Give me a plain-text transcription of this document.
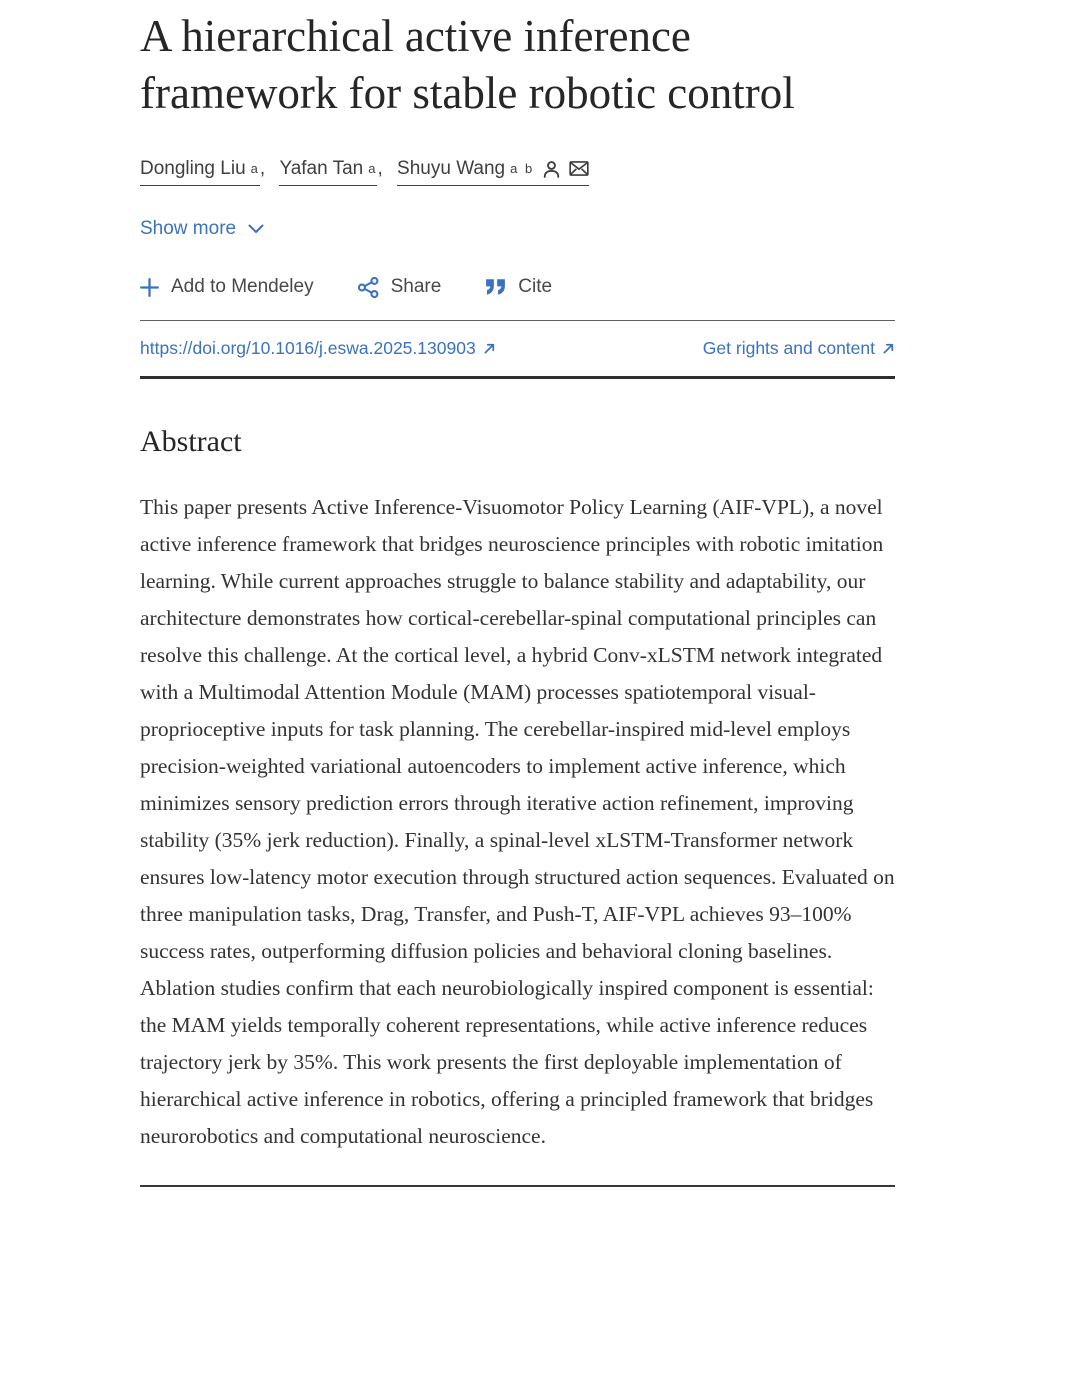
A hierarchical active inference framework for stable robotic control
Dongling Liu $^a$ , Yafan Tan $^a$ , Shuyu Wang $^{a b}$
Show more
Add to Mendeley	Share	Cite
https://doi.org/10.1016/j.eswa.2025.130903	Get rights and content
Abstract

This paper presents Active Inference-Visuomotor Policy Learning (AIF-VPL), a novel active inference framework that bridges neuroscience principles with robotic imitation learning. While current approaches struggle to balance stability and adaptability, our architecture demonstrates how cortical-cerebellar-spinal computational principles can resolve this challenge. At the cortical level, a hybrid Conv-xLSTM network integrated with a Multimodal Attention Module (MAM) processes spatiotemporal visual-proprioceptive inputs for task planning. The cerebellar-inspired mid-level employs precision-weighted variational autoencoders to implement active inference, which minimizes sensory prediction errors through iterative action refinement, improving stability (35% jerk reduction). Finally, a spinal-level xLSTM-Transformer network ensures low-latency motor execution through structured action sequences. Evaluated on three manipulation tasks, Drag, Transfer, and Push-T, AIF-VPL achieves 93–100% success rates, outperforming diffusion policies and behavioral cloning baselines. Ablation studies confirm that each neurobiologically inspired component is essential: the MAM yields temporally coherent representations, while active inference reduces trajectory jerk by 35%. This work presents the first deployable implementation of hierarchical active inference in robotics, offering a principled framework that bridges neurorobotics and computational neuroscience.
